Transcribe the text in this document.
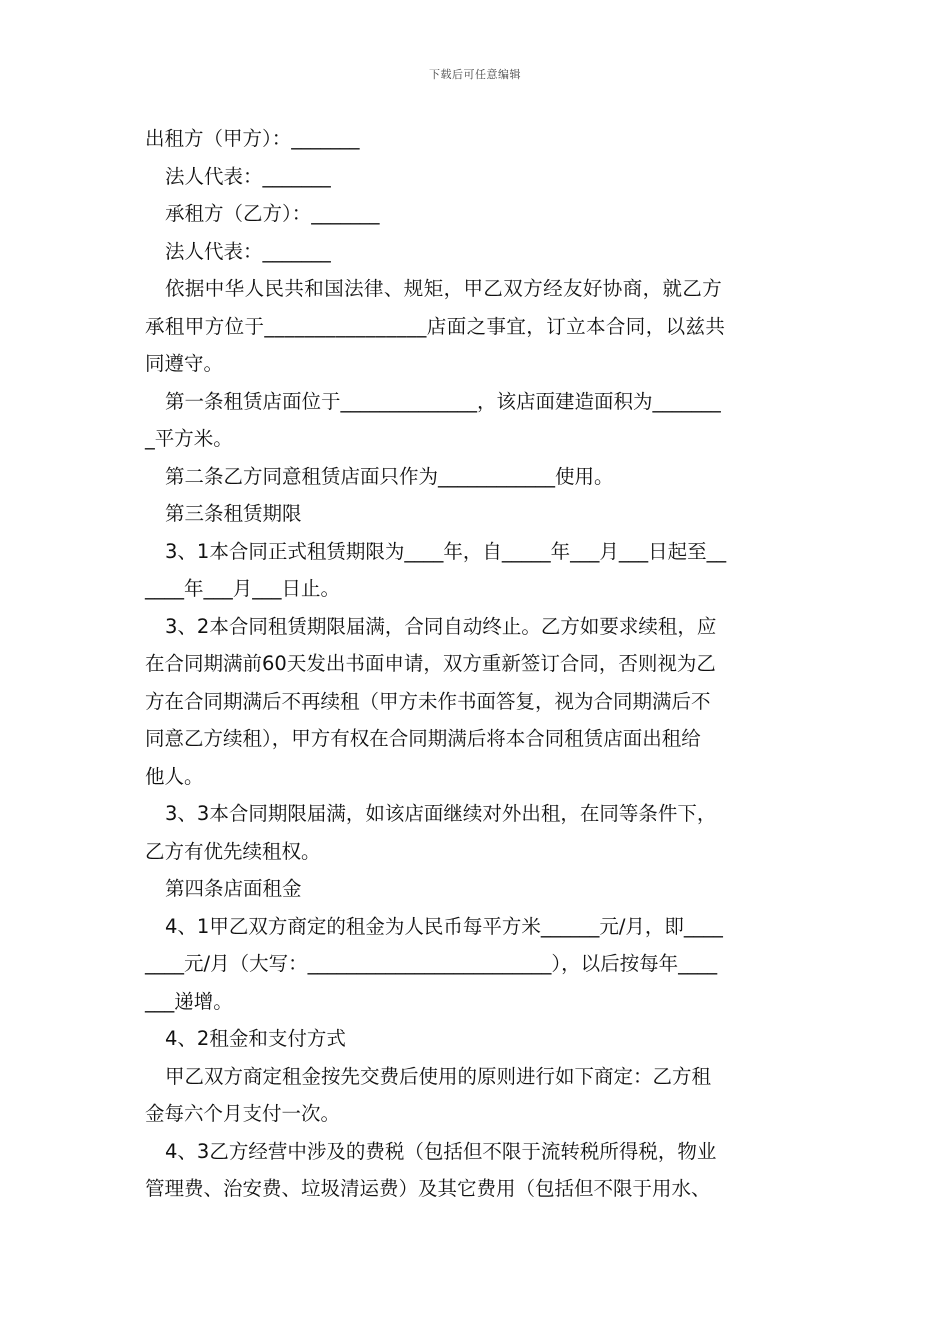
下载后可任意编辑

出租方（甲方）：_______

法人代表：_______

承租方（乙方）：_______

法人代表：_______

依据中华人民共和国法律、规矩，甲乙双方经友好协商，就乙方

承租甲方位于________________店面之事宜，订立本合同，以兹共

同遵守。

第一条租赁店面位于______________，该店面建造面积为_______

_平方米。

第二条乙方同意租赁店面只作为____________使用。

第三条租赁期限

3、1本合同正式租赁期限为____年，自_____年___月___日起至__

____年___月___日止。

3、2本合同租赁期限届满，合同自动终止。乙方如要求续租，应

在合同期满前60天发出书面申请，双方重新签订合同，否则视为乙

方在合同期满后不再续租（甲方未作书面答复，视为合同期满后不

同意乙方续租），甲方有权在合同期满后将本合同租赁店面出租给

他人。

3、3本合同期限届满，如该店面继续对外出租，在同等条件下，

乙方有优先续租权。

第四条店面租金

4、1甲乙双方商定的租金为人民币每平方米______元/月，即____

____元/月（大写：_________________________），以后按每年____

___递增。

4、2租金和支付方式

甲乙双方商定租金按先交费后使用的原则进行如下商定：乙方租

金每六个月支付一次。

4、3乙方经营中涉及的费税（包括但不限于流转税所得税，物业

管理费、治安费、垃圾清运费）及其它费用（包括但不限于用水、
